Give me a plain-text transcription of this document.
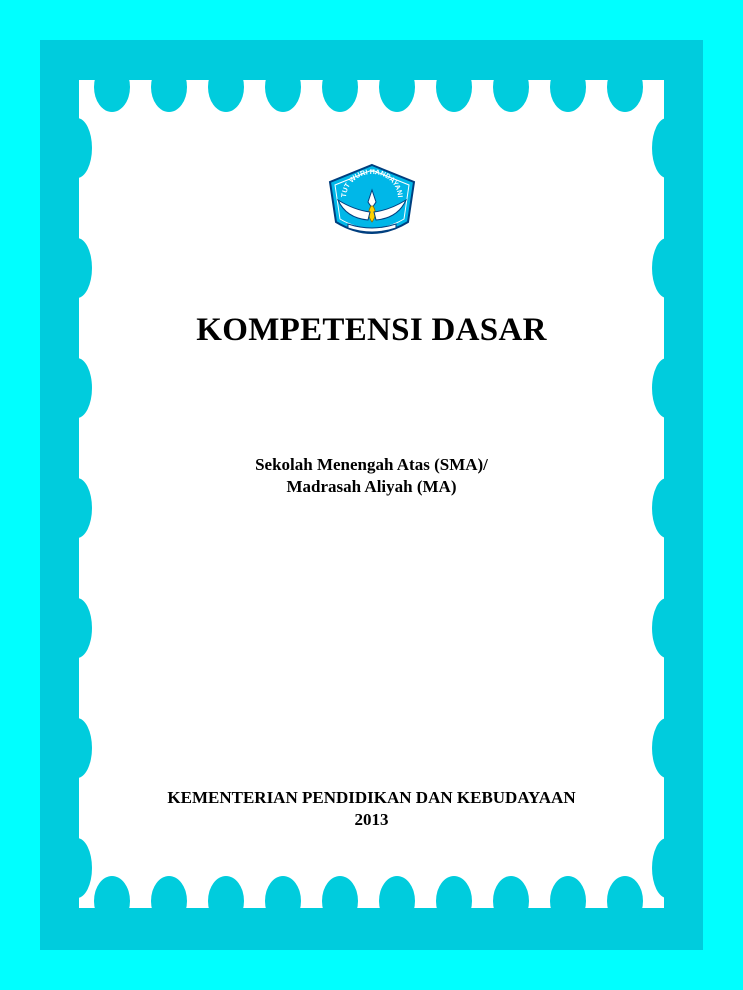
TUT WURI HANDAYANI
KOMPETENSI DASAR
Sekolah Menengah Atas (SMA)/
Madrasah Aliyah (MA)
KEMENTERIAN PENDIDIKAN DAN KEBUDAYAAN
2013
